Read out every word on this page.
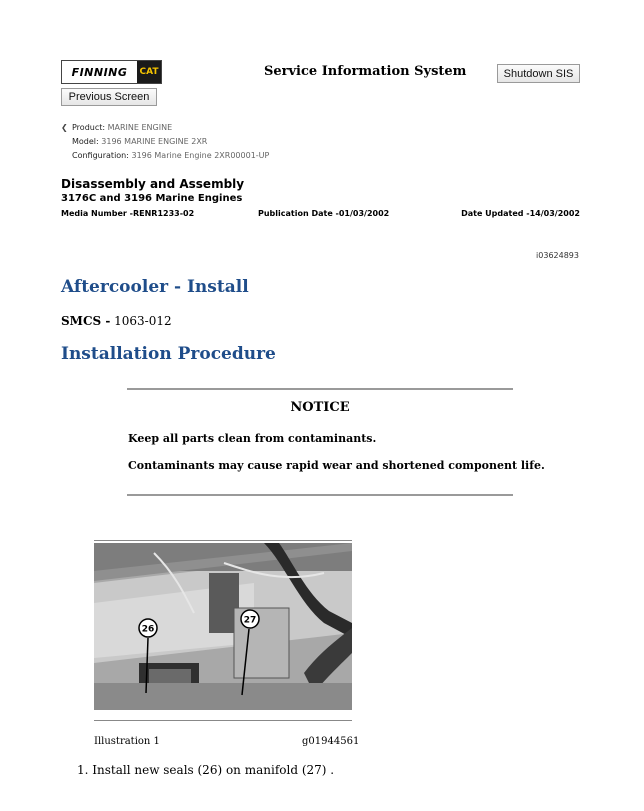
FINNING	CAT
Previous Screen
Service Information System	Shutdown SIS
❮ Product: MARINE ENGINE
Model: 3196 MARINE ENGINE 2XR
Configuration: 3196 Marine Engine 2XR00001-UP
Disassembly and Assembly
3176C and 3196 Marine Engines
Media Number -RENR1233-02	Publication Date -01/03/2002	Date Updated -14/03/2002
i03624893
Aftercooler - Install
SMCS - 1063-012
Installation Procedure
NOTICE
Keep all parts clean from contaminants.
Contaminants may cause rapid wear and shortened component life.
26
27
Illustration 1	g01944561
1. Install new seals (26) on manifold (27) .
